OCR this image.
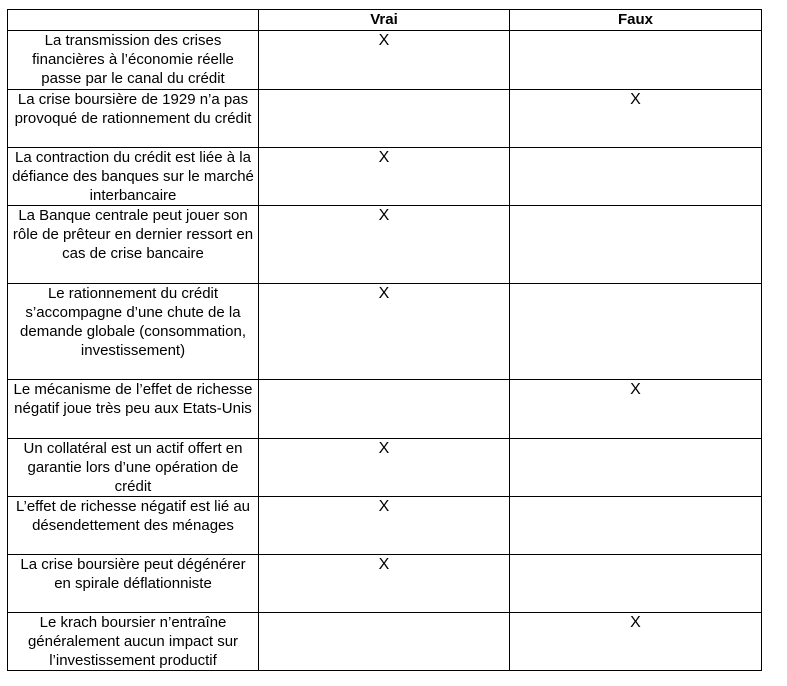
	Vrai	Faux
La transmission des crises financières à l’économie réelle passe par le canal du crédit	X	
La crise boursière de 1929 n’a pas provoqué de rationnement du crédit		X
La contraction du crédit est liée à la défiance des banques sur le marché interbancaire	X	
La Banque centrale peut jouer son rôle de prêteur en dernier ressort en cas de crise bancaire	X	
Le rationnement du crédit s’accompagne d’une chute de la demande globale (consommation, investissement)	X	
Le mécanisme de l’effet de richesse négatif joue très peu aux Etats-Unis		X
Un collatéral est un actif offert en garantie lors d’une opération de crédit	X	
L’effet de richesse négatif est lié au désendettement des ménages	X	
La crise boursière peut dégénérer en spirale déflationniste	X	
Le krach boursier n’entraîne généralement aucun impact sur l’investissement productif		X
